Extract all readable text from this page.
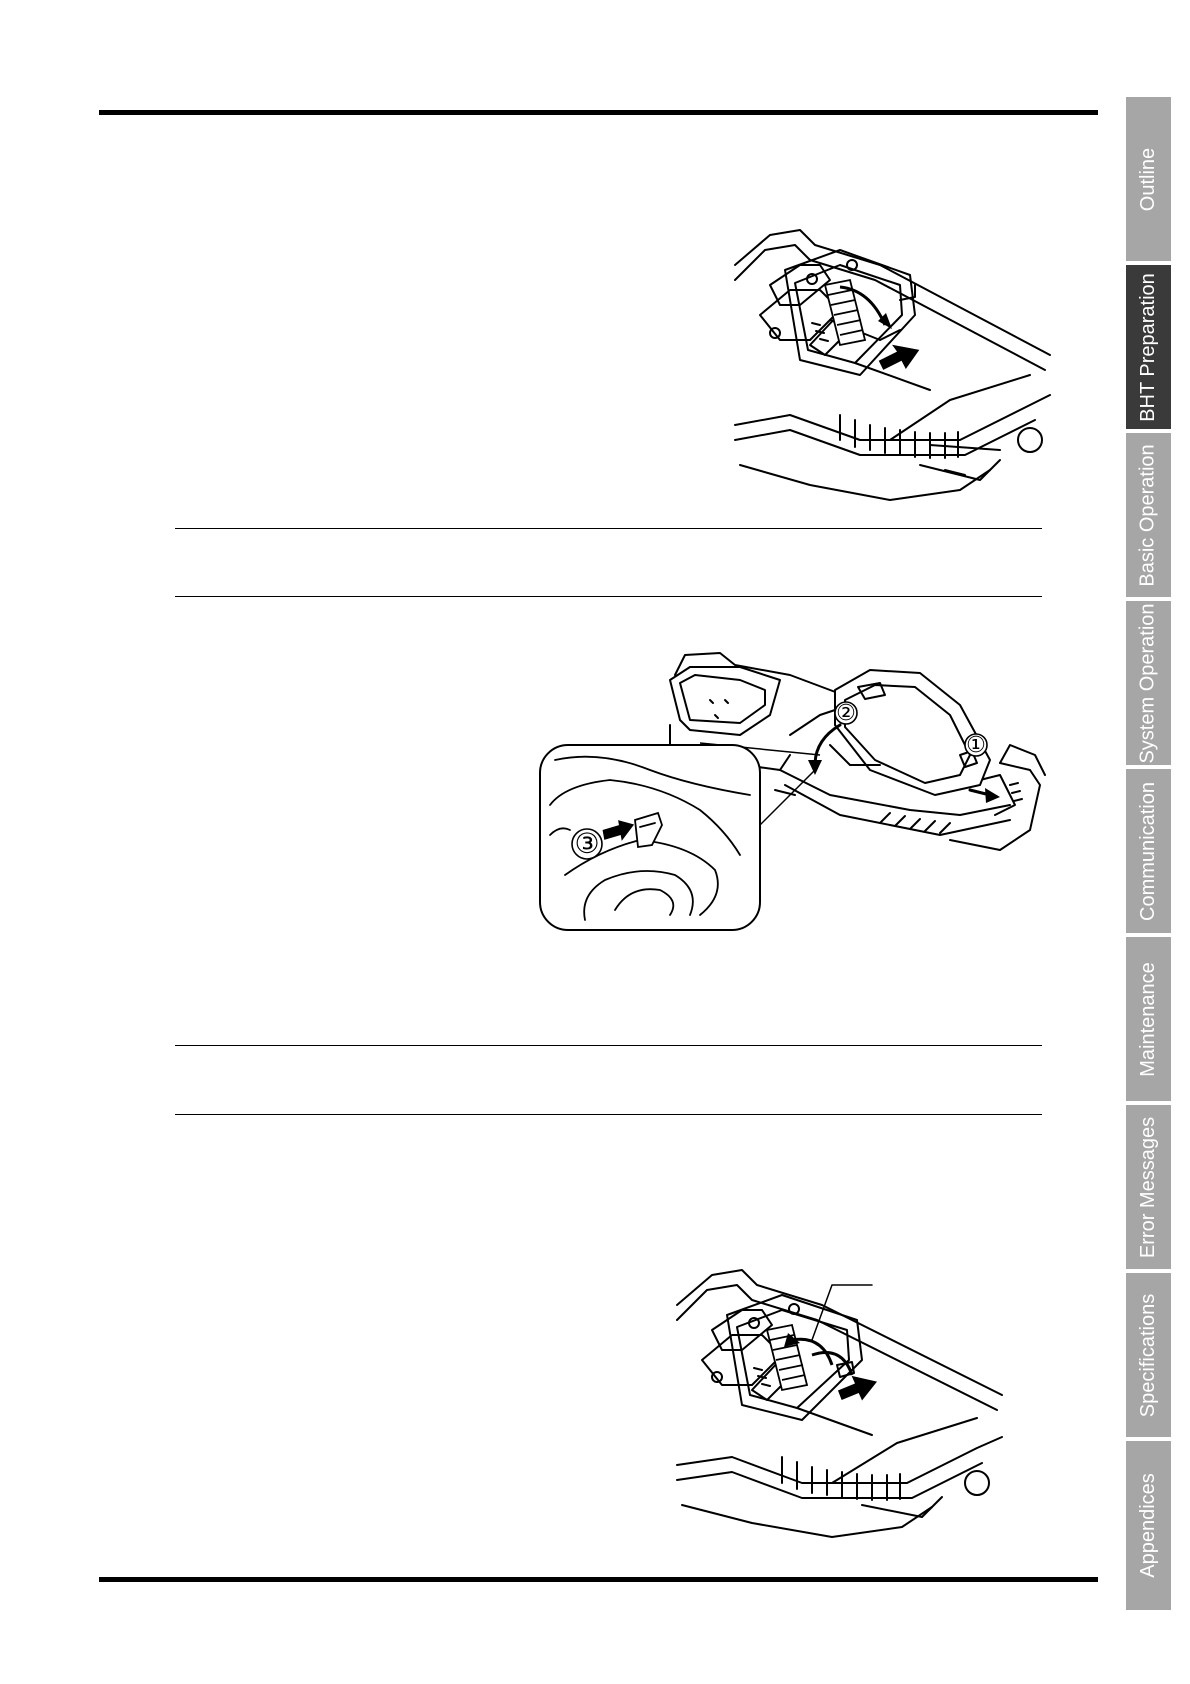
②
①
③
Outline
BHT Preparation
Basic Operation
System Operation
Communication
Maintenance
Error Messages
Specifications
Appendices
